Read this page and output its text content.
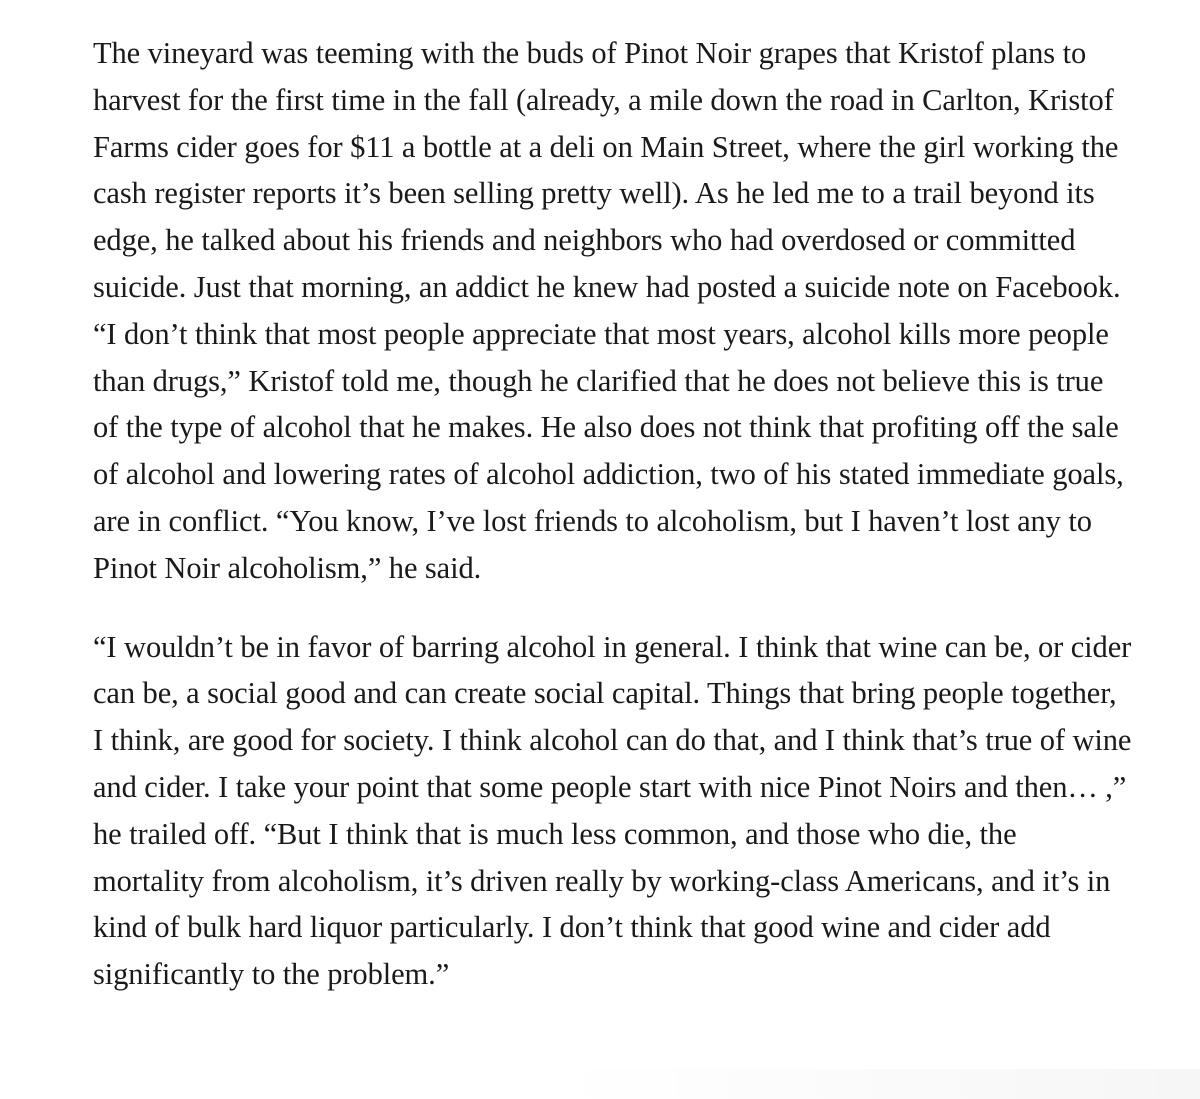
The vineyard was teeming with the buds of Pinot Noir grapes that Kristof plans to harvest for the first time in the fall (already, a mile down the road in Carlton, Kristof Farms cider goes for $11 a bottle at a deli on Main Street, where the girl working the cash register reports it’s been selling pretty well). As he led me to a trail beyond its edge, he talked about his friends and neighbors who had overdosed or committed suicide. Just that morning, an addict he knew had posted a suicide note on Facebook. “I don’t think that most people appreciate that most years, alcohol kills more people than drugs,” Kristof told me, though he clarified that he does not believe this is true of the type of alcohol that he makes. He also does not think that profiting off the sale of alcohol and lowering rates of alcohol addiction, two of his stated immediate goals, are in conflict. “You know, I’ve lost friends to alcoholism, but I haven’t lost any to Pinot Noir alcoholism,” he said.

“I wouldn’t be in favor of barring alcohol in general. I think that wine can be, or cider can be, a social good and can create social capital. Things that bring people together, I think, are good for society. I think alcohol can do that, and I think that’s true of wine and cider. I take your point that some people start with nice Pinot Noirs and then… ,” he trailed off. “But I think that is much less common, and those who die, the mortality from alcoholism, it’s driven really by working-class Americans, and it’s in kind of bulk hard liquor particularly. I don’t think that good wine and cider add significantly to the problem.”
